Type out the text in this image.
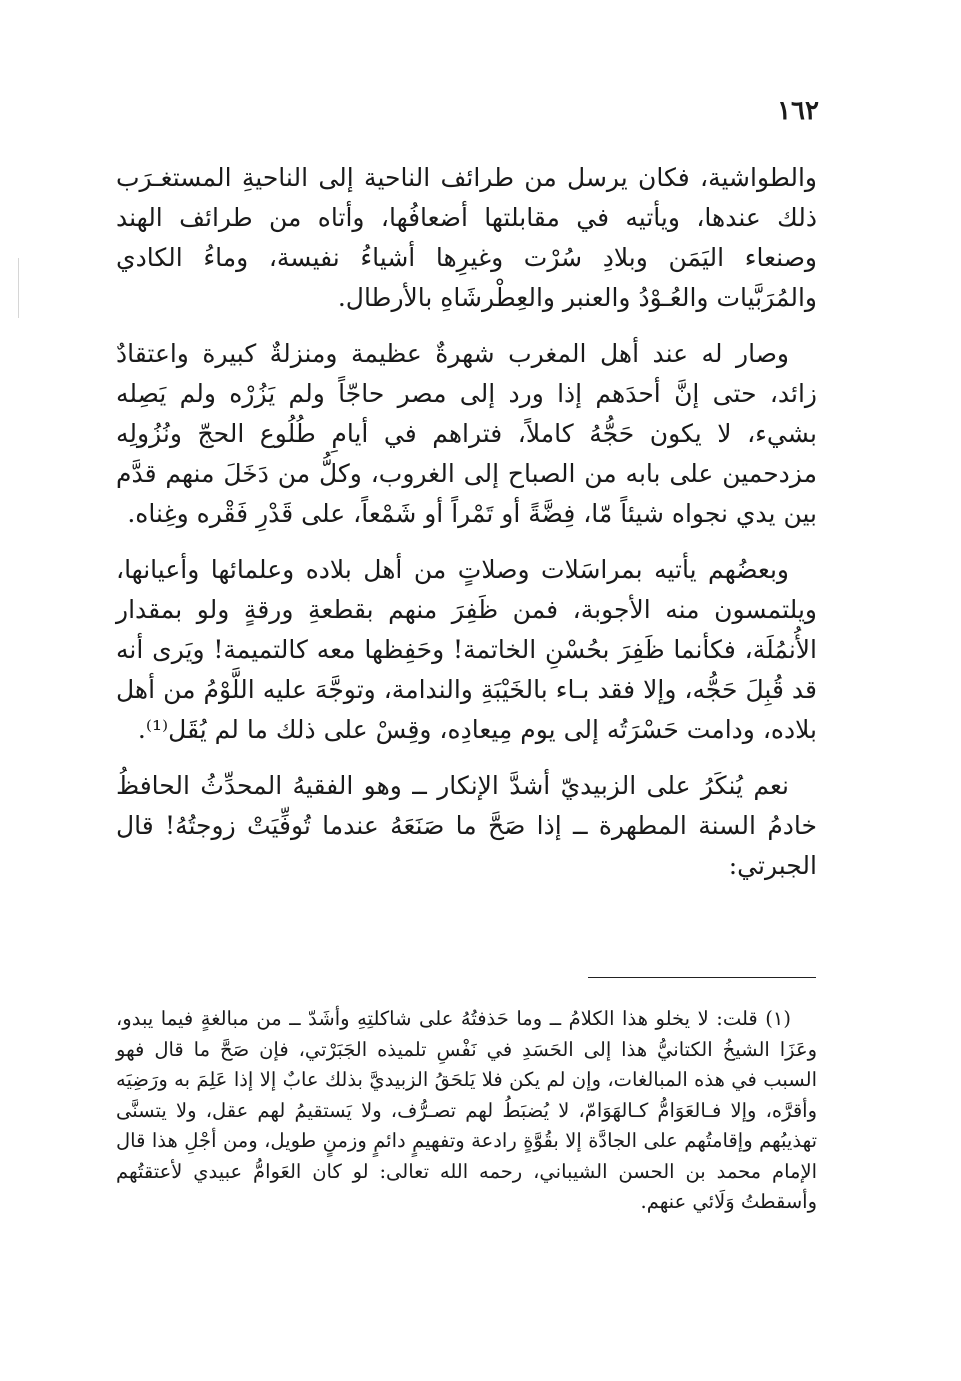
١٦٢

والطواشية، فكان يرسل من طرائف الناحية إلى الناحيةِ المستغـرَب ذلك عندها، ويأتيه في مقابلتها أضعافُها، وأتاه من طرائف الهند وصنعاء اليَمَن وبلادِ سُرْت وغيرِها أشياءُ نفيسة، وماءُ الكادي والمُرَبَّيات والعُـوْدُ والعنبر والعِطْرشَاهِ بالأرطال.

وصار له عند أهل المغرب شهرةٌ عظيمة ومنزلةٌ كبيرة واعتقادٌ زائد، حتى إنَّ أحدَهم إذا ورد إلى مصر حاجّاً ولم يَزُرْه ولم يَصِله بشيء، لا يكون حَجُّهُ كاملاً، فتراهم في أيامِ طُلُوع الحجّ ونُزُولِه مزدحمين على بابه من الصباح إلى الغروب، وكلُّ من دَخَلَ منهم قدَّم بين يدي نجواه شيئاً مّا، فِضَّةً أو تَمْراً أو شَمْعاً، على قَدْرِ فَقْره وغِناه.

وبعضُهم يأتيه بمراسَلات وصلاتٍ من أهل بلاده وعلمائها وأعيانها، ويلتمسون منه الأجوبة، فمن ظَفِرَ منهم بقطعةِ ورقةٍ ولو بمقدار الأُنمُلَة، فكأنما ظَفِرَ بحُسْنِ الخاتمة! وحَفِظها معه كالتميمة! ويَرى أنه قد قُبِلَ حَجُّه، وإلا فقد بـاء بالخَيْبَةِ والندامة، وتوجَّهَ عليه اللَّوْمُ من أهل بلاده، ودامت حَسْرَتُه إلى يوم مِيعادِه، وقِسْ على ذلك ما لم يُقَل⁽¹⁾.

نعم يُنكَرُ على الزبيديّ أشدَّ الإنكار ــ وهو الفقيهُ المحدِّثُ الحافظُ خادمُ السنة المطهرة ــ إذا صَحَّ ما صَنَعَهُ عندما تُوفِّيَتْ زوجتُهُ! قال الجبرتي:

(١) قلت: لا يخلو هذا الكلامُ ــ وما حَذفتُهُ على شاكلتِهِ وأشَدّ ــ من مبالغةٍ فيما يبدو، وعَزَا الشيخُ الكتانيُّ هذا إلى الحَسَدِ في نَفْسِ تلميذه الجَبَرْتي، فإن صَحَّ ما قال فهو السبب في هذه المبالغات، وإن لم يكن فلا يَلحَقُ الزبيديَّ بذلك عابٌ إلا إذا عَلِمَ به ورَضِيَه وأقرَّه، وإلا فـالعَوَامُّ كـالهَوَامّ، لا يُضبَطُ لهم تصـرُّف، ولا يَستقيمُ لهم عقل، ولا يتسنَّى تهذيبُهم وإقامتُهم على الجادَّة إلا بقُوَّةٍ رادعة وتفهيمٍ دائمٍ وزمنٍ طويل، ومن أجْلِ هذا قال الإمام محمد بن الحسن الشيباني، رحمه الله تعالى: لو كان العَوامُّ عبيدي لأعتقتُهم وأسقطتُ وَلَائي عنهم.
